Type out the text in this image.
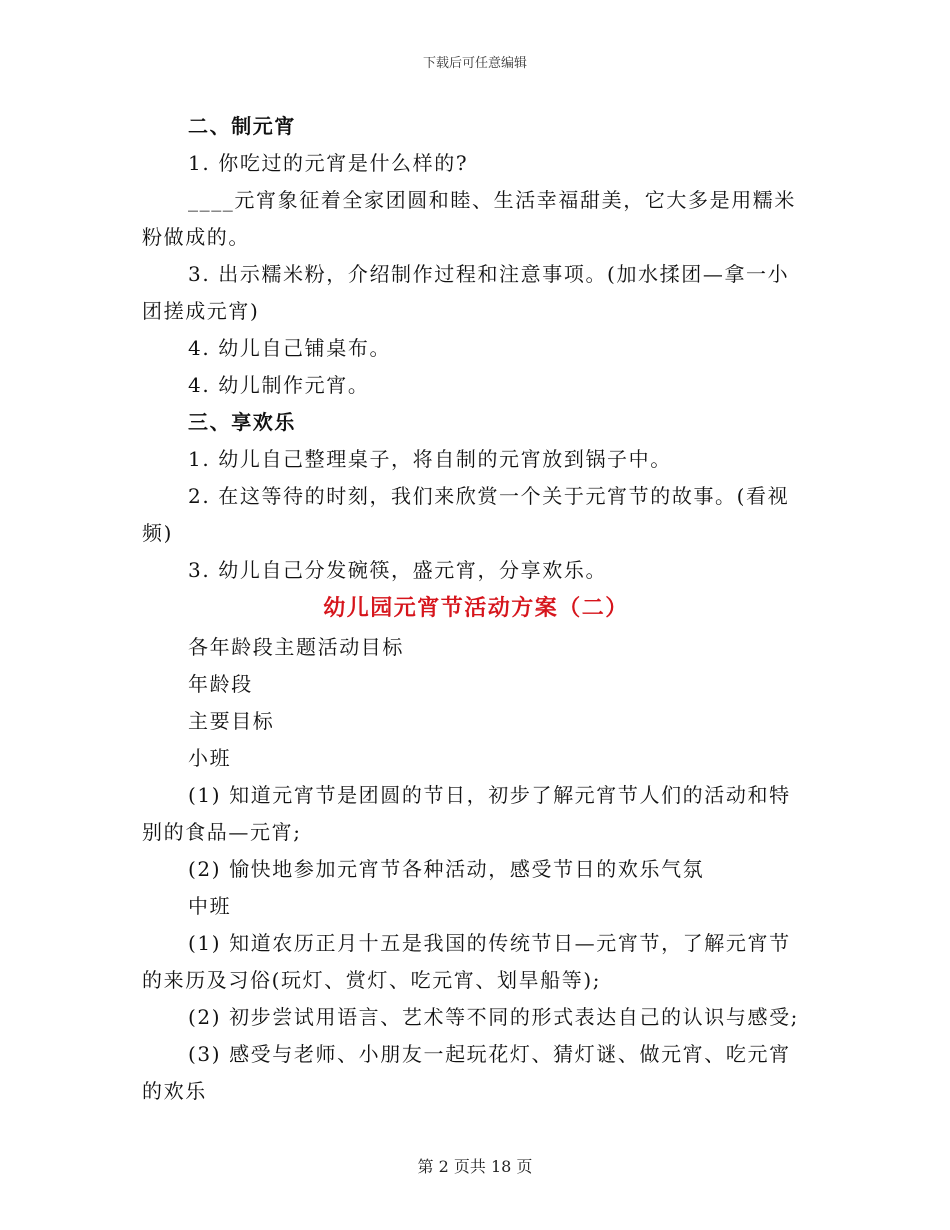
下载后可任意编辑

二、制元宵

1. 你吃过的元宵是什么样的?

____元宵象征着全家团圆和睦、生活幸福甜美，它大多是用糯米粉做成的。

3. 出示糯米粉，介绍制作过程和注意事项。(加水揉团—拿一小团搓成元宵)

4. 幼儿自己铺桌布。

4. 幼儿制作元宵。

三、享欢乐

1. 幼儿自己整理桌子，将自制的元宵放到锅子中。

2. 在这等待的时刻，我们来欣赏一个关于元宵节的故事。(看视频)

3. 幼儿自己分发碗筷，盛元宵，分享欢乐。

幼儿园元宵节活动方案（二）

各年龄段主题活动目标

年龄段

主要目标

小班

(1) 知道元宵节是团圆的节日，初步了解元宵节人们的活动和特别的食品—元宵;

(2) 愉快地参加元宵节各种活动，感受节日的欢乐气氛

中班

(1) 知道农历正月十五是我国的传统节日—元宵节，了解元宵节的来历及习俗(玩灯、赏灯、吃元宵、划旱船等);

(2) 初步尝试用语言、艺术等不同的形式表达自己的认识与感受;

(3) 感受与老师、小朋友一起玩花灯、猜灯谜、做元宵、吃元宵的欢乐

第 2 页共 18 页
